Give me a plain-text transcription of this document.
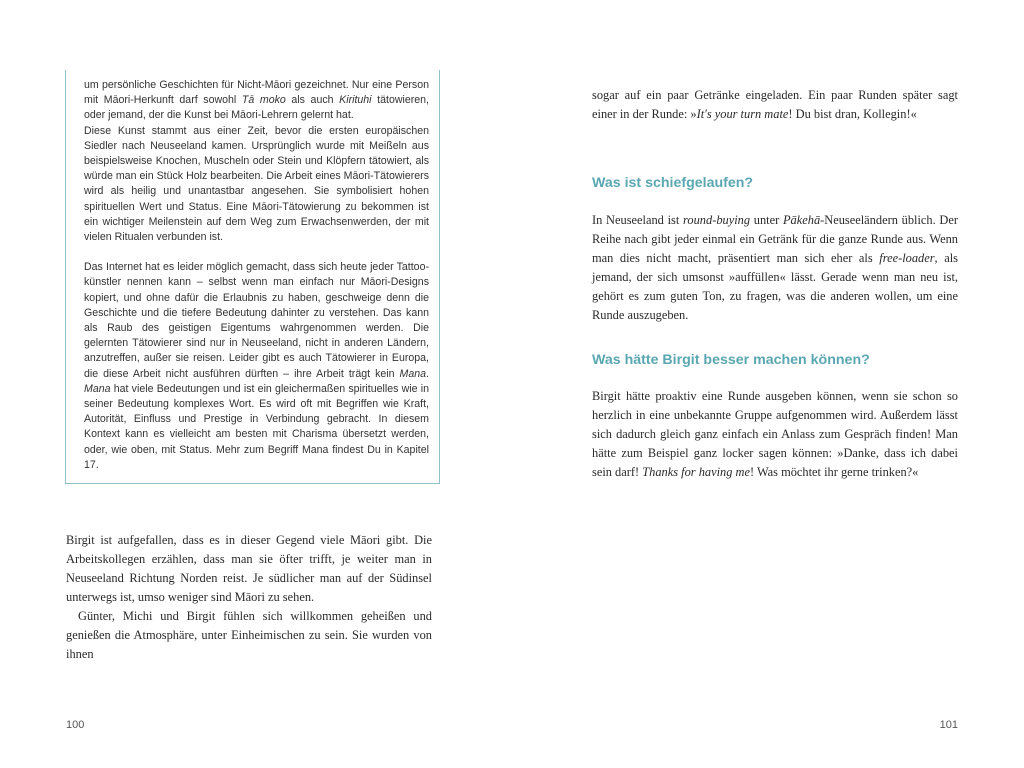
um persönliche Geschichten für Nicht-Māori gezeichnet. Nur eine Person mit Māori-Herkunft darf sowohl Tā moko als auch Kirituhi tätowieren, oder jemand, der die Kunst bei Māori-Lehrern gelernt hat.

Diese Kunst stammt aus einer Zeit, bevor die ersten europäischen Siedler nach Neuseeland kamen. Ursprünglich wurde mit Meißeln aus beispielsweise Knochen, Muscheln oder Stein und Klöpfern tätowiert, als würde man ein Stück Holz bearbeiten. Die Arbeit eines Māori-Tätowierers wird als heilig und unantastbar angesehen. Sie symbolisiert hohen spirituellen Wert und Status. Eine Māori-Tätowierung zu bekommen ist ein wichtiger Meilenstein auf dem Weg zum Erwachsenwerden, der mit vielen Ritualen verbunden ist.

Das Internet hat es leider möglich gemacht, dass sich heute jeder Tattoo-künstler nennen kann – selbst wenn man einfach nur Māori-Designs kopiert, und ohne dafür die Erlaubnis zu haben, geschweige denn die Geschichte und die tiefere Bedeutung dahinter zu verstehen. Das kann als Raub des geistigen Eigentums wahrgenommen werden. Die gelernten Tätowierer sind nur in Neuseeland, nicht in anderen Ländern, anzutreffen, außer sie reisen. Leider gibt es auch Tätowierer in Europa, die diese Arbeit nicht ausführen dürften – ihre Arbeit trägt kein Mana. Mana hat viele Bedeutungen und ist ein gleichermaßen spirituelles wie in seiner Bedeutung komplexes Wort. Es wird oft mit Begriffen wie Kraft, Autorität, Einfluss und Prestige in Verbindung gebracht. In diesem Kontext kann es vielleicht am besten mit Charisma übersetzt werden, oder, wie oben, mit Status. Mehr zum Begriff Mana findest Du in Kapitel 17.

Birgit ist aufgefallen, dass es in dieser Gegend viele Māori gibt. Die Arbeitskollegen erzählen, dass man sie öfter trifft, je weiter man in Neuseeland Richtung Norden reist. Je südlicher man auf der Südinsel unterwegs ist, umso weniger sind Māori zu sehen.

Günter, Michi und Birgit fühlen sich willkommen geheißen und genießen die Atmosphäre, unter Einheimischen zu sein. Sie wurden von ihnen

100

sogar auf ein paar Getränke eingeladen. Ein paar Runden später sagt einer in der Runde: »It's your turn mate! Du bist dran, Kollegin!«

Was ist schiefgelaufen?

In Neuseeland ist round-buying unter Pākehā-Neuseeländern üblich. Der Reihe nach gibt jeder einmal ein Getränk für die ganze Runde aus. Wenn man dies nicht macht, präsentiert man sich eher als free-loader, als jemand, der sich umsonst »auffüllen« lässt. Gerade wenn man neu ist, gehört es zum guten Ton, zu fragen, was die anderen wollen, um eine Runde auszugeben.

Was hätte Birgit besser machen können?

Birgit hätte proaktiv eine Runde ausgeben können, wenn sie schon so herzlich in eine unbekannte Gruppe aufgenommen wird. Außerdem lässt sich dadurch gleich ganz einfach ein Anlass zum Gespräch finden! Man hätte zum Beispiel ganz locker sagen können: »Danke, dass ich dabei sein darf! Thanks for having me! Was möchtet ihr gerne trinken?«

101
